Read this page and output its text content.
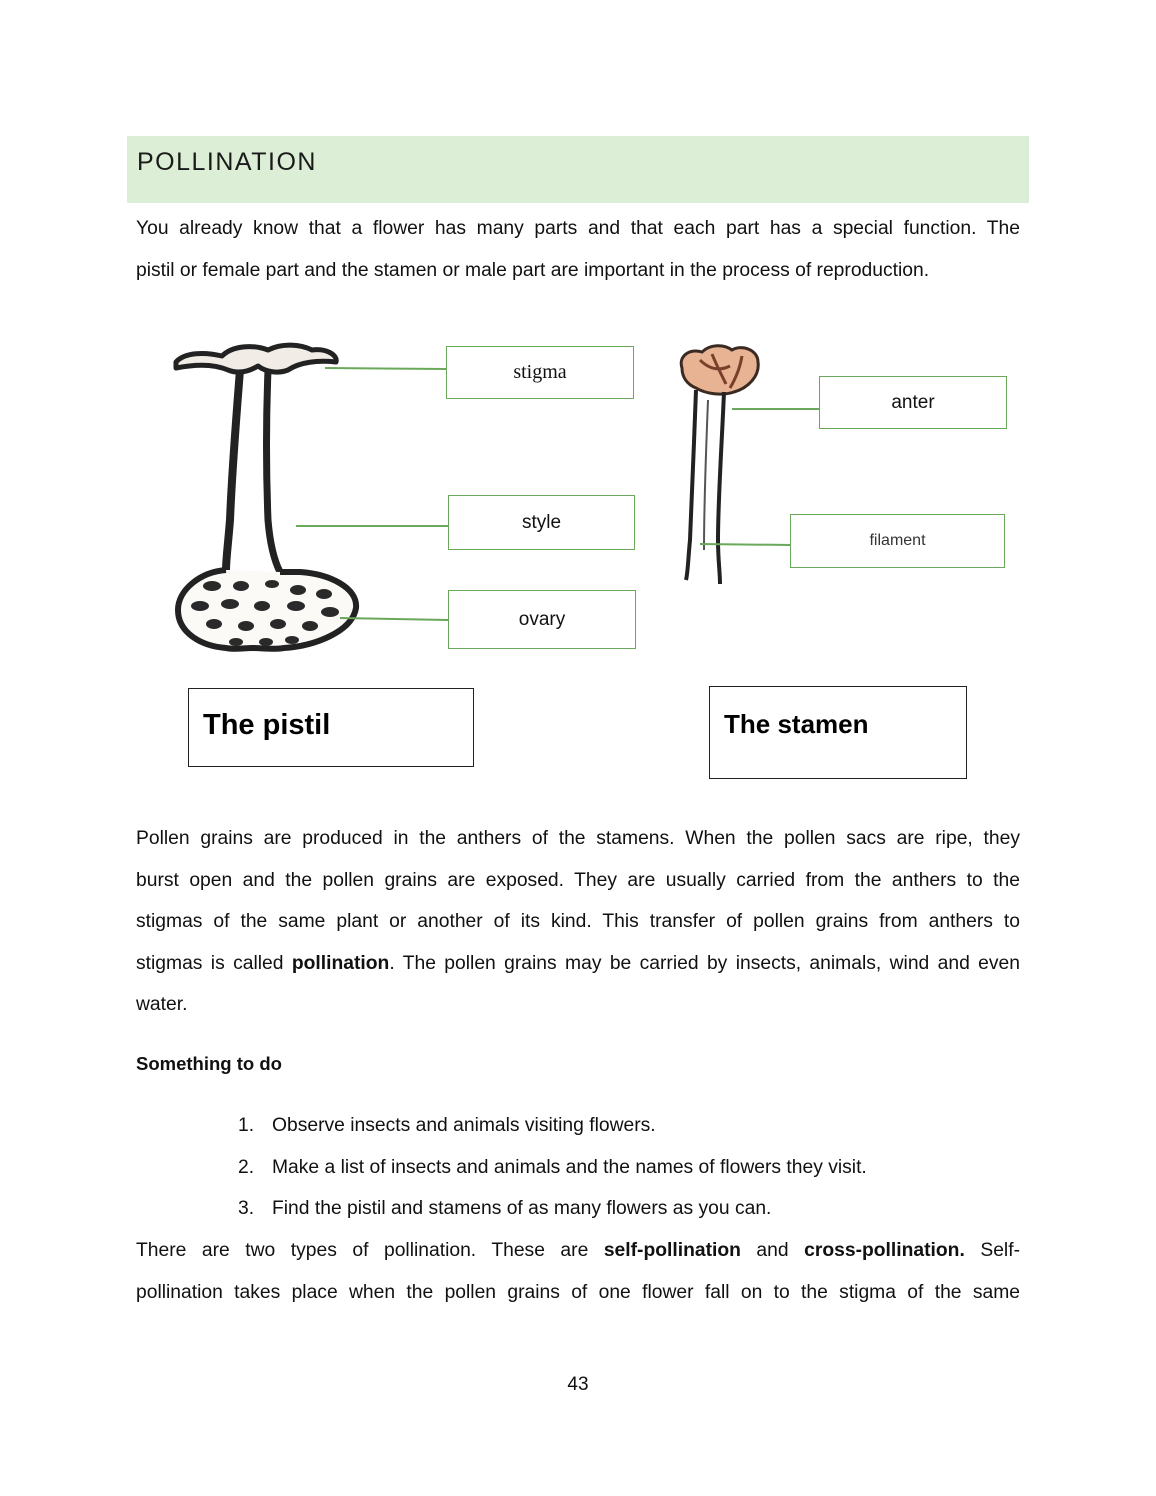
POLLINATION
You already know that a flower has many parts and that each part has a special function. The
pistil or female part and the stamen or male part are important in the process of reproduction.
stigma
style
ovary
anter
filament
The pistil	The stamen
Pollen grains are produced in the anthers of the stamens. When the pollen sacs are ripe, they
burst open and the pollen grains are exposed. They are usually carried from the anthers to the
stigmas of the same plant or another of its kind. This transfer of pollen grains from anthers to
stigmas is called pollination. The pollen grains may be carried by insects, animals, wind and even
water.
Something to do
1. Observe insects and animals visiting flowers.
2. Make a list of insects and animals and the names of flowers they visit.
3. Find the pistil and stamens of as many flowers as you can.
There are two types of pollination. These are self-pollination and cross-pollination. Self-
pollination takes place when the pollen grains of one flower fall on to the stigma of the same
43
